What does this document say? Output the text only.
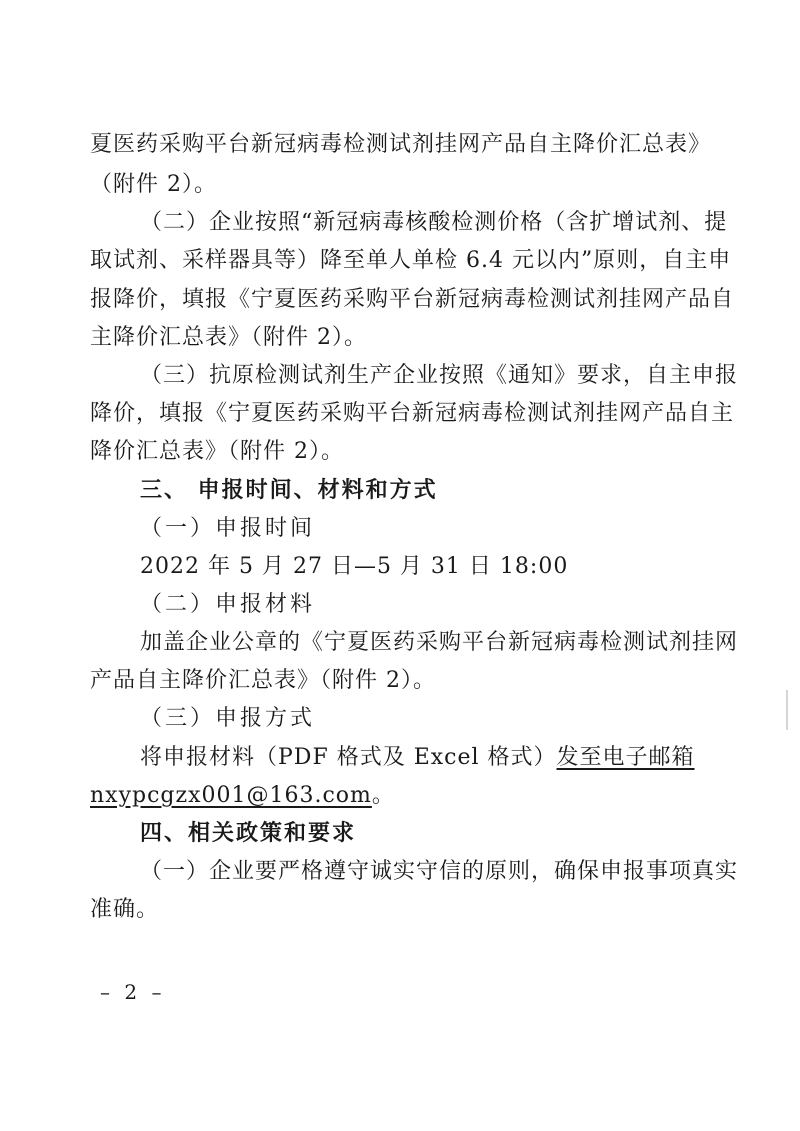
夏医药采购平台新冠病毒检测试剂挂网产品自主降价汇总表》
（附件 2）。
（二）企业按照“新冠病毒核酸检测价格（含扩增试剂、提
取试剂、采样器具等）降至单人单检 6.4 元以内”原则，自主申
报降价，填报《宁夏医药采购平台新冠病毒检测试剂挂网产品自
主降价汇总表》（附件 2）。
（三）抗原检测试剂生产企业按照《通知》要求，自主申报
降价，填报《宁夏医药采购平台新冠病毒检测试剂挂网产品自主
降价汇总表》（附件 2）。
三、 申报时间、材料和方式
（一）申报时间
2022 年 5 月 27 日—5 月 31 日 18:00
（二）申报材料
加盖企业公章的《宁夏医药采购平台新冠病毒检测试剂挂网
产品自主降价汇总表》（附件 2）。
（三）申报方式
将申报材料（PDF 格式及 Excel 格式）发至电子邮箱
nxypcgzx001@163.com。
四、相关政策和要求
（一）企业要严格遵守诚实守信的原则，确保申报事项真实
准确。
– 2 –
